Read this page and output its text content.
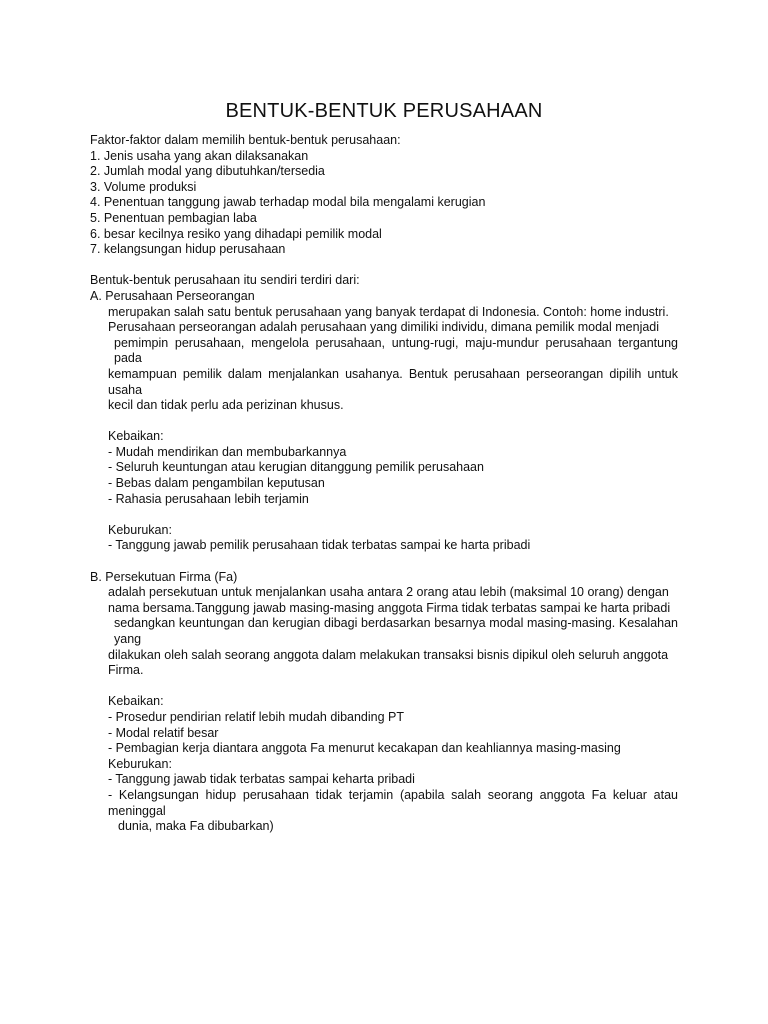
BENTUK-BENTUK PERUSAHAAN
Faktor-faktor dalam memilih bentuk-bentuk perusahaan:
1. Jenis usaha yang akan dilaksanakan
2. Jumlah modal yang dibutuhkan/tersedia
3. Volume produksi
4. Penentuan tanggung jawab terhadap modal bila mengalami kerugian
5. Penentuan pembagian laba
6. besar kecilnya resiko yang dihadapi pemilik modal
7. kelangsungan hidup perusahaan
Bentuk-bentuk perusahaan itu sendiri terdiri dari:
A. Perusahaan Perseorangan
merupakan salah satu bentuk perusahaan yang banyak terdapat di Indonesia. Contoh: home industri.
Perusahaan perseorangan adalah perusahaan yang dimiliki individu, dimana pemilik modal menjadi
pemimpin perusahaan, mengelola perusahaan, untung-rugi, maju-mundur perusahaan tergantung pada
kemampuan pemilik dalam menjalankan usahanya. Bentuk perusahaan perseorangan dipilih untuk usaha
kecil dan tidak perlu ada perizinan khusus.
Kebaikan:
- Mudah mendirikan dan membubarkannya
- Seluruh keuntungan atau kerugian ditanggung pemilik perusahaan
- Bebas dalam pengambilan keputusan
- Rahasia perusahaan lebih terjamin
Keburukan:
- Tanggung jawab pemilik perusahaan tidak terbatas sampai ke harta pribadi
B. Persekutuan Firma (Fa)
adalah persekutuan untuk menjalankan usaha antara 2 orang atau lebih (maksimal 10 orang) dengan
nama bersama.Tanggung jawab masing-masing anggota Firma tidak terbatas sampai ke harta pribadi
sedangkan keuntungan dan kerugian dibagi berdasarkan besarnya modal masing-masing. Kesalahan yang
dilakukan oleh salah seorang anggota dalam melakukan transaksi bisnis dipikul oleh seluruh anggota
Firma.
Kebaikan:
- Prosedur pendirian relatif lebih mudah dibanding PT
- Modal relatif besar
- Pembagian kerja diantara anggota Fa menurut kecakapan dan keahliannya masing-masing
Keburukan:
- Tanggung jawab tidak terbatas sampai keharta pribadi
- Kelangsungan hidup perusahaan tidak terjamin (apabila salah seorang anggota Fa keluar atau meninggal
dunia, maka Fa dibubarkan)
